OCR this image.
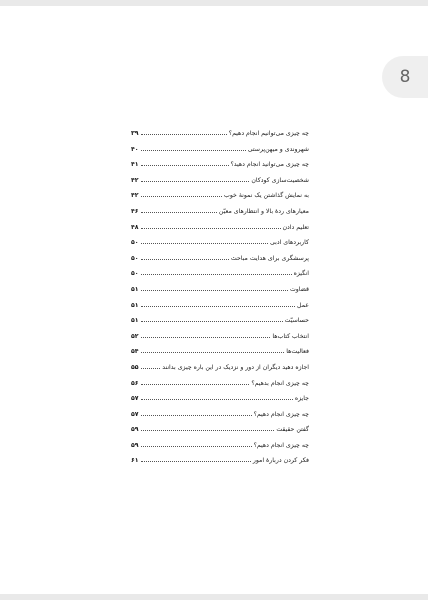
چه چیزی می‌توانیم انجام دهیم؟
۳۹
شهروندی و میهن‌پرستی
۴۰
چه چیزی می‌توانید انجام دهید؟
۴۱
شخصیت‌سازی کودکان
۴۲
به نمایش گذاشتن یک نمونهٔ خوب
۴۲
معیارهای ردهٔ بالا و انتظارهای معیّن
۴۶
تعلیم دادن
۴۸
کاربردهای ادبی
۵۰
پرسشگری برای هدایت مباحث
۵۰
انگیزه
۵۰
قضاوت
۵۱
عمل
۵۱
حساسیّت
۵۱
انتخاب کتاب‌ها
۵۲
فعالیت‌ها
۵۴
اجازه دهید دیگران از دور و نزدیک در این باره چیزی بدانند
۵۵
چه چیزی انجام بدهیم؟
۵۶
جایزه
۵۷
چه چیزی انجام دهیم؟
۵۷
گفتن حقیقت
۵۹
چه چیزی انجام دهیم؟
۵۹
فکر کردن دربارهٔ امور
۶۱
8
